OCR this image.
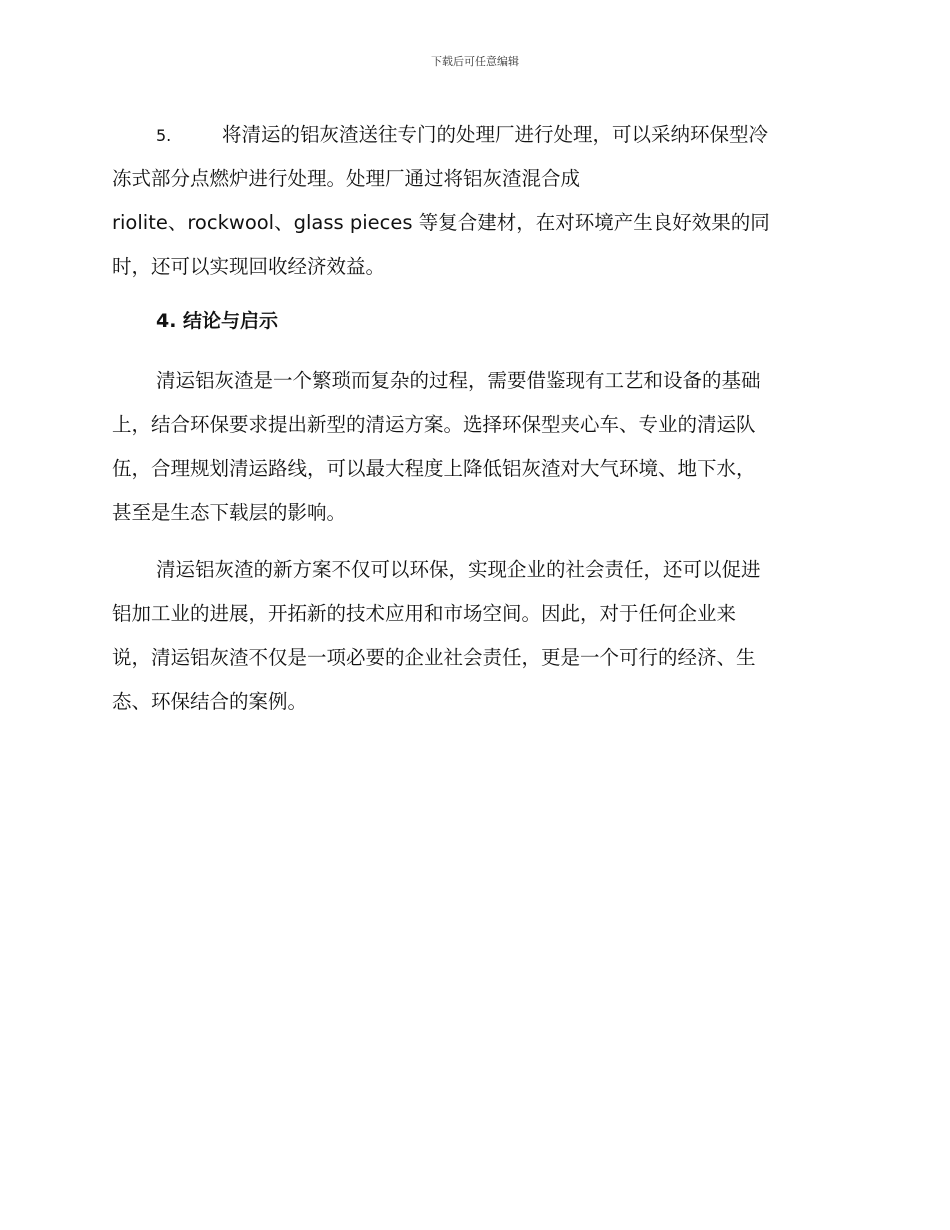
下载后可任意编辑
5.	将清运的铝灰渣送往专门的处理厂进行处理，可以采纳环保型冷
冻式部分点燃炉进行处理。处理厂通过将铝灰渣混合成
riolite、rockwool、glass pieces 等复合建材，在对环境产生良好效果的同
时，还可以实现回收经济效益。
4. 结论与启示
清运铝灰渣是一个繁琐而复杂的过程，需要借鉴现有工艺和设备的基础
上，结合环保要求提出新型的清运方案。选择环保型夹心车、专业的清运队
伍，合理规划清运路线，可以最大程度上降低铝灰渣对大气环境、地下水，
甚至是生态下载层的影响。
清运铝灰渣的新方案不仅可以环保，实现企业的社会责任，还可以促进
铝加工业的进展，开拓新的技术应用和市场空间。因此，对于任何企业来
说，清运铝灰渣不仅是一项必要的企业社会责任，更是一个可行的经济、生
态、环保结合的案例。
